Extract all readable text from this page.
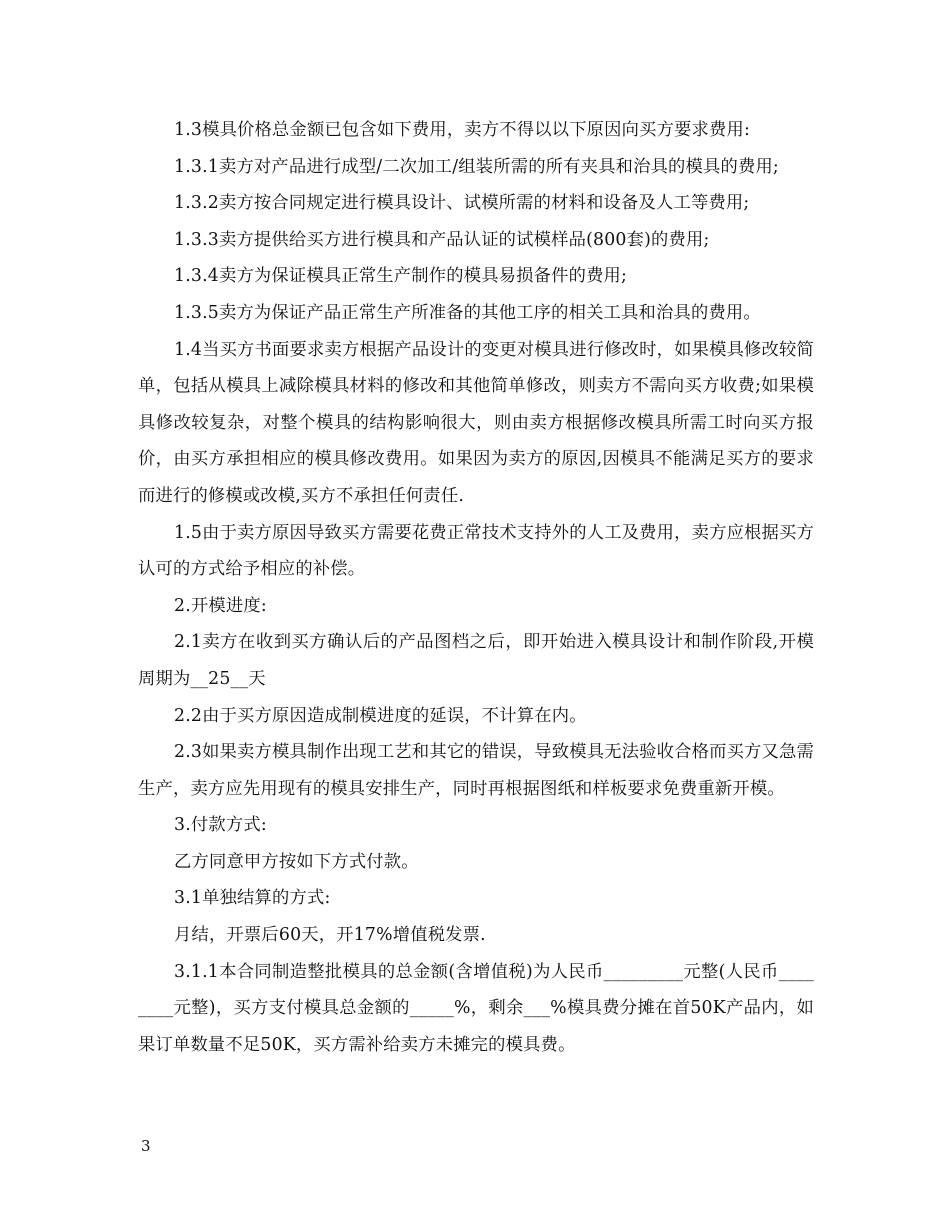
1.3模具价格总金额已包含如下费用，卖方不得以以下原因向买方要求费用:

1.3.1卖方对产品进行成型/二次加工/组装所需的所有夹具和治具的模具的费用;

1.3.2卖方按合同规定进行模具设计、试模所需的材料和设备及人工等费用;

1.3.3卖方提供给买方进行模具和产品认证的试模样品(800套)的费用;

1.3.4卖方为保证模具正常生产制作的模具易损备件的费用;

1.3.5卖方为保证产品正常生产所准备的其他工序的相关工具和治具的费用。

1.4当买方书面要求卖方根据产品设计的变更对模具进行修改时，如果模具修改较简单，包括从模具上减除模具材料的修改和其他简单修改，则卖方不需向买方收费;如果模具修改较复杂，对整个模具的结构影响很大，则由卖方根据修改模具所需工时向买方报价，由买方承担相应的模具修改费用。如果因为卖方的原因,因模具不能满足买方的要求而进行的修模或改模,买方不承担任何责任.

1.5由于卖方原因导致买方需要花费正常技术支持外的人工及费用，卖方应根据买方认可的方式给予相应的补偿。

2.开模进度:

2.1卖方在收到买方确认后的产品图档之后，即开始进入模具设计和制作阶段,开模周期为__25__天

2.2由于买方原因造成制模进度的延误，不计算在内。

2.3如果卖方模具制作出现工艺和其它的错误，导致模具无法验收合格而买方又急需生产，卖方应先用现有的模具安排生产，同时再根据图纸和样板要求免费重新开模。

3.付款方式:

乙方同意甲方按如下方式付款。

3.1单独结算的方式:

月结，开票后60天，开17%增值税发票.

3.1.1本合同制造整批模具的总金额(含增值税)为人民币_________元整(人民币________元整)，买方支付模具总金额的_____%，剩余___%模具费分摊在首50K产品内，如果订单数量不足50K，买方需补给卖方未摊完的模具费。

3
